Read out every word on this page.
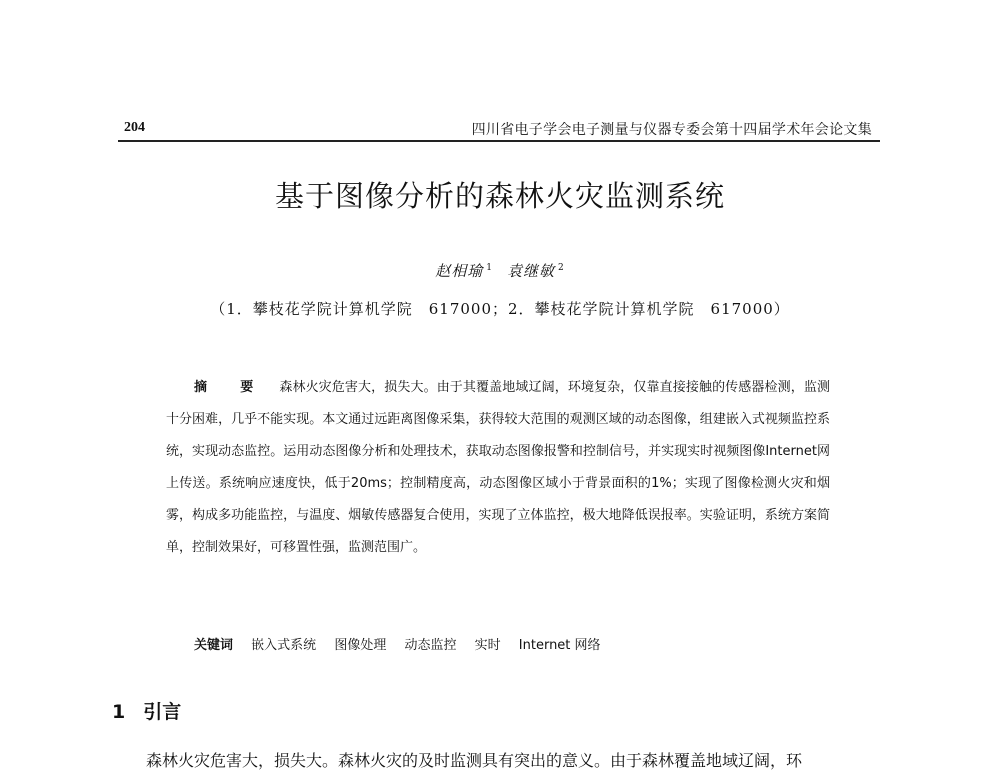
204	四川省电子学会电子测量与仪器专委会第十四届学术年会论文集
基于图像分析的森林火灾监测系统
赵相瑜 $^1$ 袁继敏 $^2$
（1．攀枝花学院计算机学院　617000；2．攀枝花学院计算机学院　617000）
摘　要 森林火灾危害大，损失大。由于其覆盖地域辽阔，环境复杂，仅靠直接接触的传感器检测，监测十分困难，几乎不能实现。本文通过远距离图像采集，获得较大范围的观测区域的动态图像，组建嵌入式视频监控系统，实现动态监控。运用动态图像分析和处理技术，获取动态图像报警和控制信号，并实现实时视频图像Internet网上传送。系统响应速度快，低于20ms；控制精度高，动态图像区域小于背景面积的1%；实现了图像检测火灾和烟雾，构成多功能监控，与温度、烟敏传感器复合使用，实现了立体监控，极大地降低误报率。实验证明，系统方案简单，控制效果好，可移置性强，监测范围广。
关键词 嵌入式系统 图像处理 动态监控 实时 Internet 网络
1 引言
森林火灾危害大，损失大。森林火灾的及时监测具有突出的意义。由于森林覆盖地域辽阔，环
